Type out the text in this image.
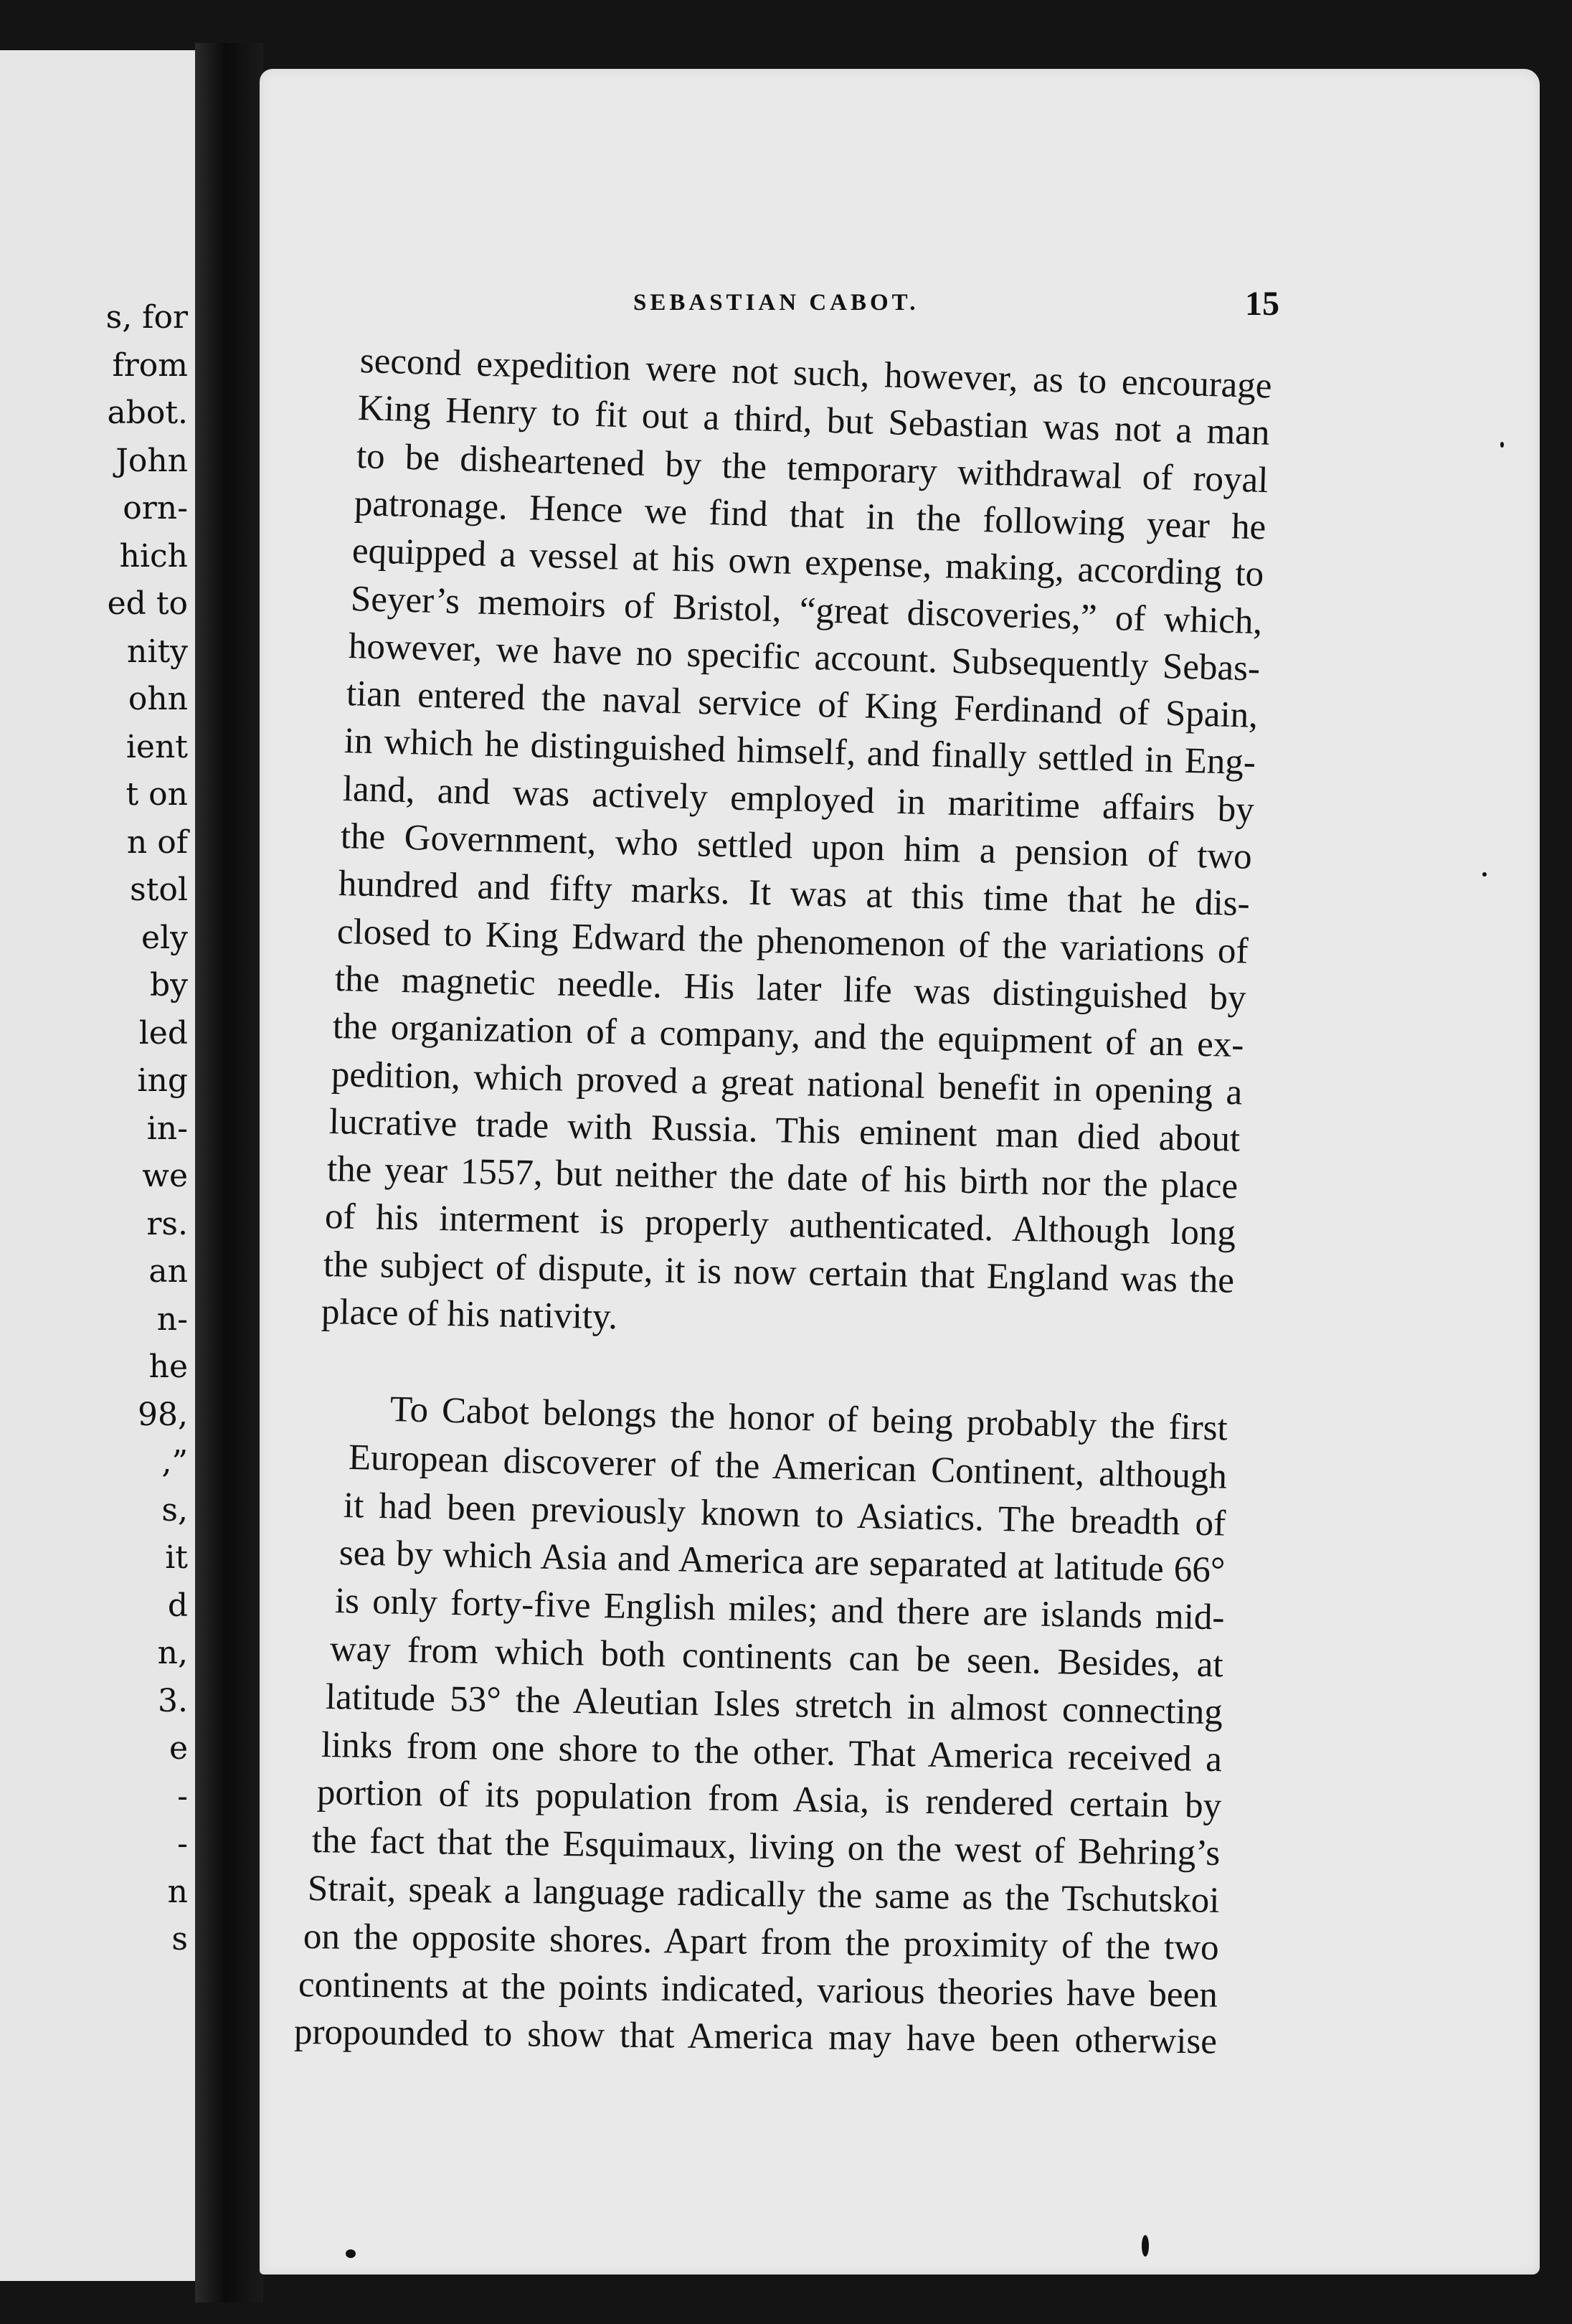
s, for
from
abot.
John
orn-
hich
ed to
nity
ohn
ient
t on
n of
stol
ely
by
led
ing
in-
we
rs.
an
n-
he
98,
,”
s,
it
d
n,
3.
e
-
-
n
s
SEBASTIAN CABOT.	15
second expedition were not such, however, as to encourage
King Henry to fit out a third, but Sebastian was not a man
to be disheartened by the temporary withdrawal of royal
patronage. Hence we find that in the following year he
equipped a vessel at his own expense, making, according to
Seyer’s memoirs of Bristol, “great discoveries,” of which,
however, we have no specific account. Subsequently Sebas-
tian entered the naval service of King Ferdinand of Spain,
in which he distinguished himself, and finally settled in Eng-
land, and was actively employed in maritime affairs by
the Government, who settled upon him a pension of two
hundred and fifty marks. It was at this time that he dis-
closed to King Edward the phenomenon of the variations of
the magnetic needle. His later life was distinguished by
the organization of a company, and the equipment of an ex-
pedition, which proved a great national benefit in opening a
lucrative trade with Russia. This eminent man died about
the year 1557, but neither the date of his birth nor the place
of his interment is properly authenticated. Although long
the subject of dispute, it is now certain that England was the
place of his nativity.
To Cabot belongs the honor of being probably the first
European discoverer of the American Continent, although
it had been previously known to Asiatics. The breadth of
sea by which Asia and America are separated at latitude 66°
is only forty-five English miles; and there are islands mid-
way from which both continents can be seen. Besides, at
latitude 53° the Aleutian Isles stretch in almost connecting
links from one shore to the other. That America received a
portion of its population from Asia, is rendered certain by
the fact that the Esquimaux, living on the west of Behring’s
Strait, speak a language radically the same as the Tschutskoi
on the opposite shores. Apart from the proximity of the two
continents at the points indicated, various theories have been
propounded to show that America may have been otherwise
